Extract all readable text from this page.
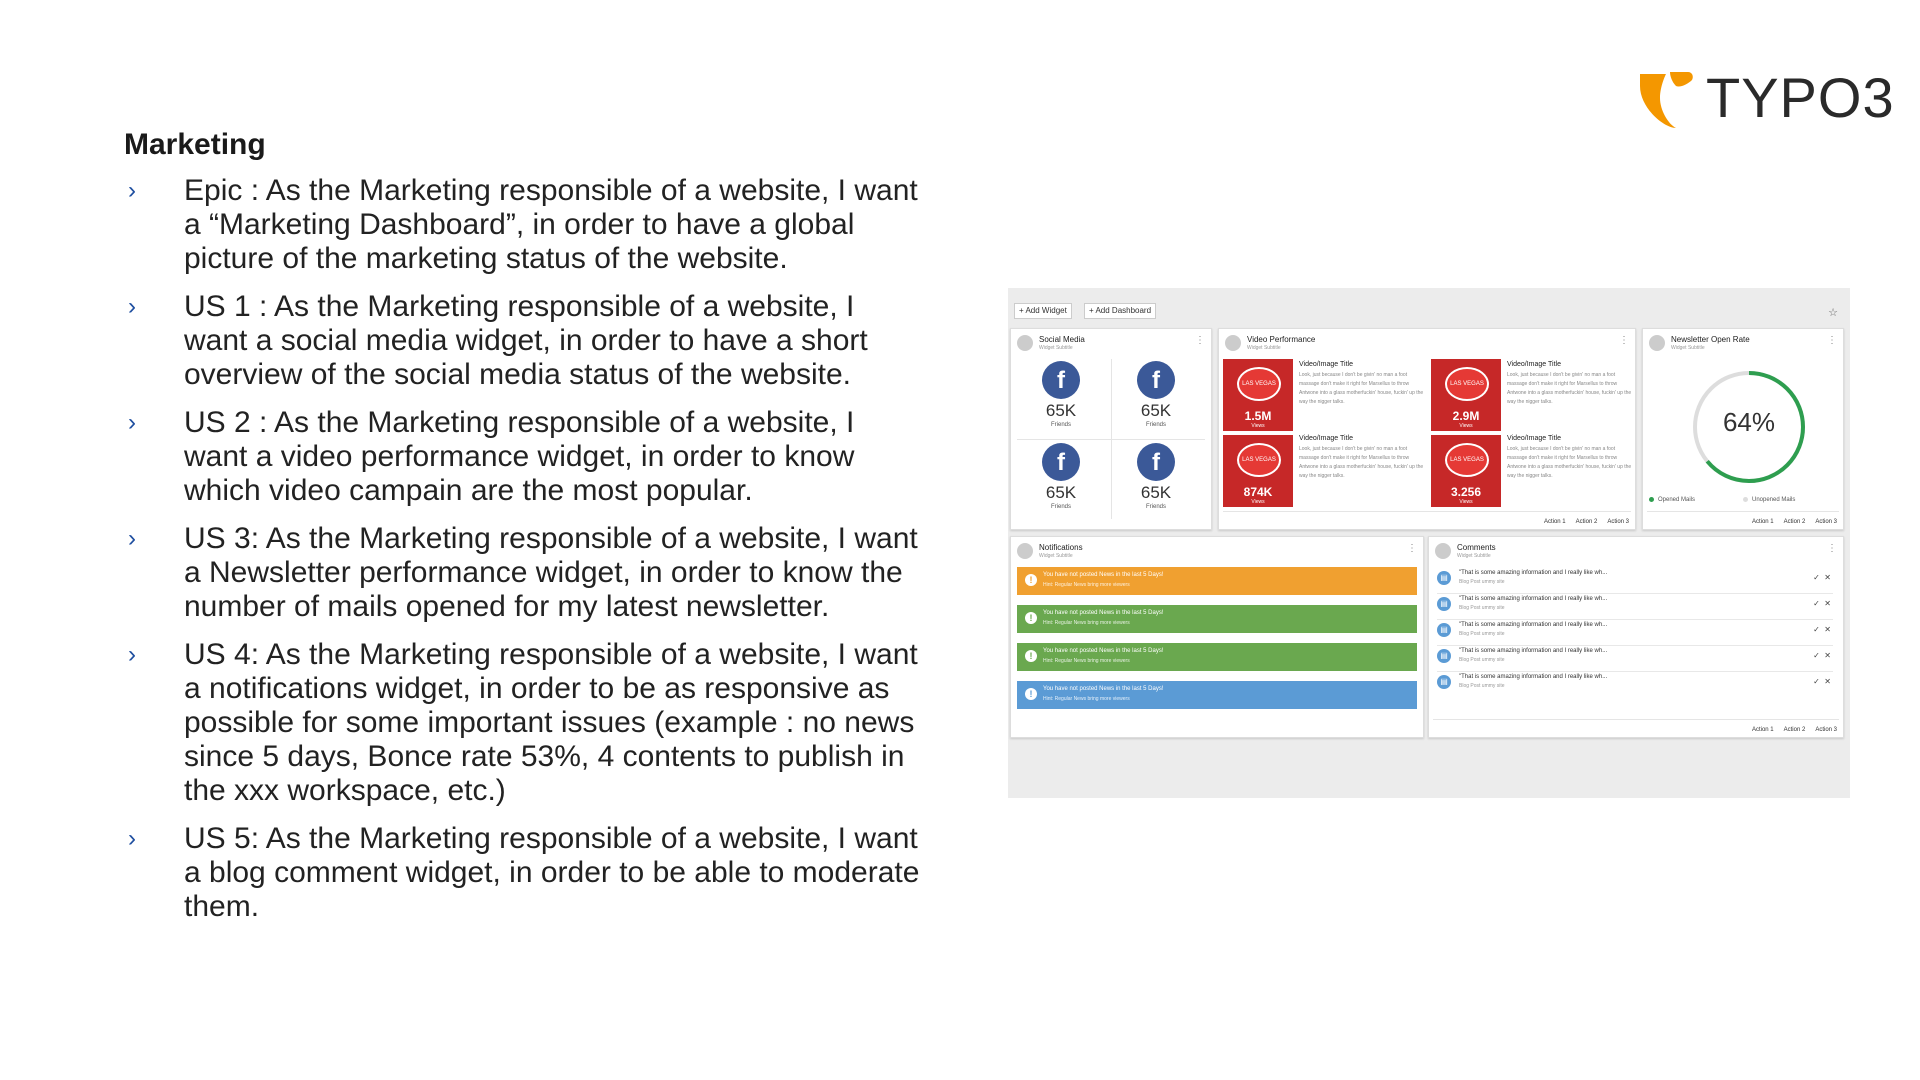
TYPO3
Marketing
› Epic : As the Marketing responsible of a website, I want a “Marketing Dashboard”, in order to have a global picture of the marketing status of the website.
› US 1 : As the Marketing responsible of a website, I want a social media widget, in order to have a short overview of the social media status of the website.
› US 2 : As the Marketing responsible of a website, I want a video performance widget, in order to know which video campain are the most popular.
› US 3: As the Marketing responsible of a website, I want a Newsletter performance widget, in order to know the number of mails opened for my latest newsletter.
› US 4: As the Marketing responsible of a website, I want a notifications widget, in order to be as responsive as possible for some important issues (example : no news since 5 days, Bonce rate 53%, 4 contents to publish in the xxx workspace, etc.)
› US 5: As the Marketing responsible of a website, I want a blog comment widget, in order to be able to moderate them.
+ Add Widget	+ Add Dashboard	☆
Social Media
Widget Subtitle
⋮
f
65K
Friends
f
65K
Friends
f
65K
Friends
f
65K
Friends
Video Performance
Widget Subtitle
⋮
LAS VEGAS
1.5M
Views
Video/Image Title
Look, just because I don't be givin' no man a foot massage don't make it right for Marsellus to throw Antwone into a glass motherfuckin' house, fuckin' up the way the nigger talks.
LAS VEGAS
2.9M
Views
Video/Image Title
Look, just because I don't be givin' no man a foot massage don't make it right for Marsellus to throw Antwone into a glass motherfuckin' house, fuckin' up the way the nigger talks.
LAS VEGAS
874K
Views
Video/Image Title
Look, just because I don't be givin' no man a foot massage don't make it right for Marsellus to throw Antwone into a glass motherfuckin' house, fuckin' up the way the nigger talks.
LAS VEGAS
3.256
Views
Video/Image Title
Look, just because I don't be givin' no man a foot massage don't make it right for Marsellus to throw Antwone into a glass motherfuckin' house, fuckin' up the way the nigger talks.
Action 1 Action 2 Action 3
Newsletter Open Rate
Widget Subtitle
⋮
64%
Opened Mails	Unopened Mails
Action 1 Action 2 Action 3
Notifications
Widget Subtitle
⋮
!	You have not posted News in the last 5 Days!
Hint: Regular News bring more viewers
!	You have not posted News in the last 5 Days!
Hint: Regular News bring more viewers
!	You have not posted News in the last 5 Days!
Hint: Regular News bring more viewers
!	You have not posted News in the last 5 Days!
Hint: Regular News bring more viewers
Comments
Widget Subtitle
⋮
▤	"That is some amazing information and I really like wh...
Blog Post ummy site	✓ ✕
▤	"That is some amazing information and I really like wh...
Blog Post ummy site	✓ ✕
▤	"That is some amazing information and I really like wh...
Blog Post ummy site	✓ ✕
▤	"That is some amazing information and I really like wh...
Blog Post ummy site	✓ ✕
▤	"That is some amazing information and I really like wh...
Blog Post ummy site	✓ ✕
Action 1 Action 2 Action 3
